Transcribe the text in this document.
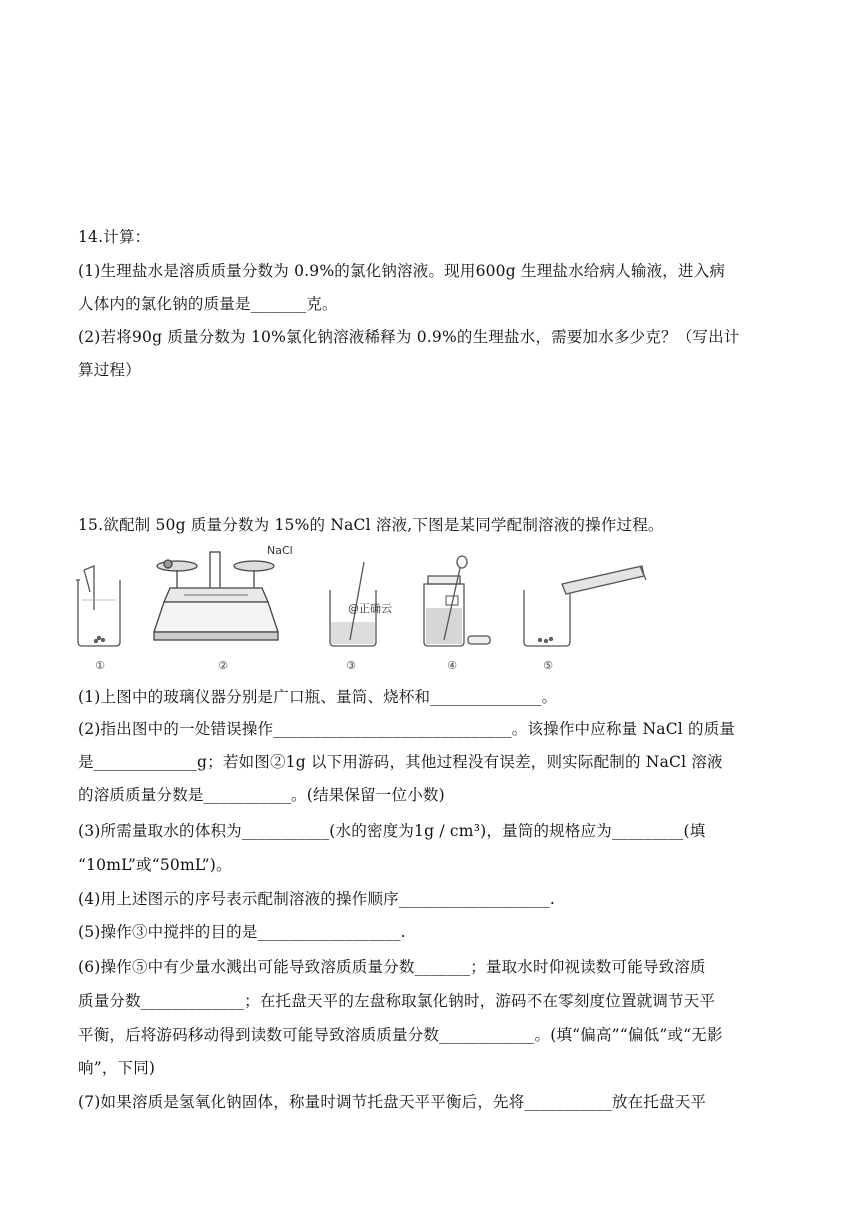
14.计算：
(1)生理盐水是溶质质量分数为 0.9%的氯化钠溶液。现用600g 生理盐水给病人输液，进入病
人体内的氯化钠的质量是_______克。
(2)若将90g 质量分数为 10%氯化钠溶液稀释为 0.9%的生理盐水，需要加水多少克？（写出计
算过程）
15.欲配制 50g 质量分数为 15%的 NaCl 溶液,下图是某同学配制溶液的操作过程。
NaCl
@正确云
①	②	③	④	⑤
(1)上图中的玻璃仪器分别是广口瓶、量筒、烧杯和______________。
(2)指出图中的一处错误操作______________________________。该操作中应称量 NaCl 的质量
是_____________g；若如图②1g 以下用游码，其他过程没有误差，则实际配制的 NaCl 溶液
的溶质质量分数是___________。(结果保留一位小数)
(3)所需量取水的体积为___________(水的密度为1g / cm³)，量筒的规格应为_________(填
“10mL”或“50mL”)。
(4)用上述图示的序号表示配制溶液的操作顺序___________________.
(5)操作③中搅拌的目的是__________________.
(6)操作⑤中有少量水溅出可能导致溶质质量分数_______；量取水时仰视读数可能导致溶质
质量分数_____________；在托盘天平的左盘称取氯化钠时，游码不在零刻度位置就调节天平
平衡，后将游码移动得到读数可能导致溶质质量分数____________。(填“偏高”“偏低”或“无影
响”，下同)
(7)如果溶质是氢氧化钠固体，称量时调节托盘天平平衡后，先将___________放在托盘天平
